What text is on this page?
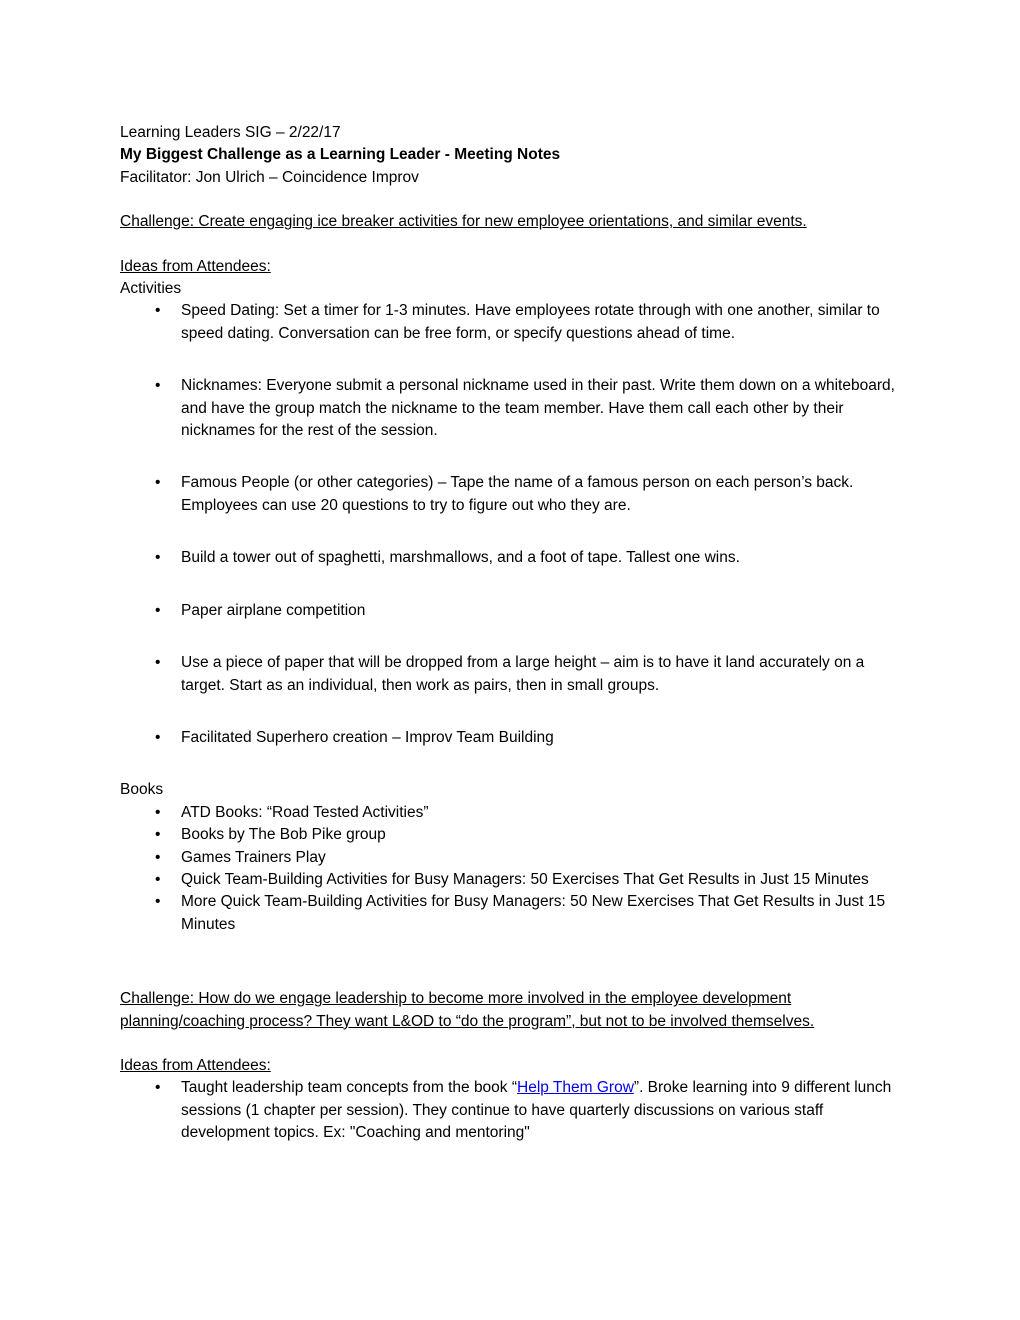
Learning Leaders SIG – 2/22/17

My Biggest Challenge as a Learning Leader - Meeting Notes

Facilitator: Jon Ulrich – Coincidence Improv

Challenge: Create engaging ice breaker activities for new employee orientations, and similar events.

Ideas from Attendees:

Activities

•
Speed Dating: Set a timer for 1-3 minutes. Have employees rotate through with one another, similar to speed dating. Conversation can be free form, or specify questions ahead of time.
•
Nicknames: Everyone submit a personal nickname used in their past. Write them down on a whiteboard, and have the group match the nickname to the team member. Have them call each other by their nicknames for the rest of the session.
•
Famous People (or other categories) – Tape the name of a famous person on each person’s back. Employees can use 20 questions to try to figure out who they are.
•
Build a tower out of spaghetti, marshmallows, and a foot of tape. Tallest one wins.
•
Paper airplane competition
•
Use a piece of paper that will be dropped from a large height – aim is to have it land accurately on a target. Start as an individual, then work as pairs, then in small groups.
•
Facilitated Superhero creation – Improv Team Building

Books

•
ATD Books: “Road Tested Activities”
•
Books by The Bob Pike group
•
Games Trainers Play
•
Quick Team-Building Activities for Busy Managers: 50 Exercises That Get Results in Just 15 Minutes
•
More Quick Team-Building Activities for Busy Managers: 50 New Exercises That Get Results in Just 15 Minutes

Challenge: How do we engage leadership to become more involved in the employee development planning/coaching process? They want L&OD to “do the program”, but not to be involved themselves.

Ideas from Attendees:

•
Taught leadership team concepts from the book “Help Them Grow”. Broke learning into 9 different lunch sessions (1 chapter per session). They continue to have quarterly discussions on various staff development topics. Ex: "Coaching and mentoring"
